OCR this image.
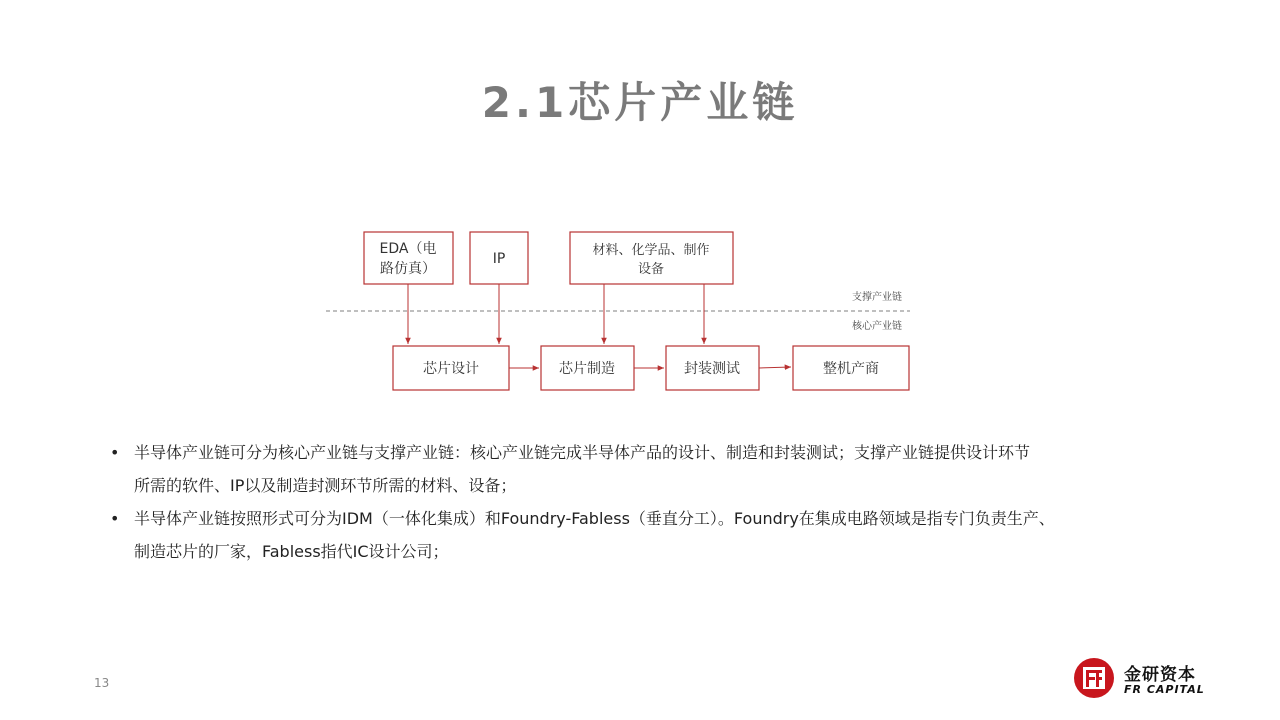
2.1芯片产业链
EDA（电
路仿真）
IP
材料、化学品、制作
设备
支撑产业链
核心产业链
芯片设计	芯片制造	封装测试	整机产商
• 半导体产业链可分为核心产业链与支撑产业链：核心产业链完成半导体产品的设计、制造和封装测试；支撑产业链提供设计环节
所需的软件、IP以及制造封测环节所需的材料、设备；
• 半导体产业链按照形式可分为IDM（一体化集成）和Foundry-Fabless（垂直分工）。Foundry在集成电路领域是指专门负责生产、
制造芯片的厂家，Fabless指代IC设计公司；
13	金研资本
FR CAPITAL
